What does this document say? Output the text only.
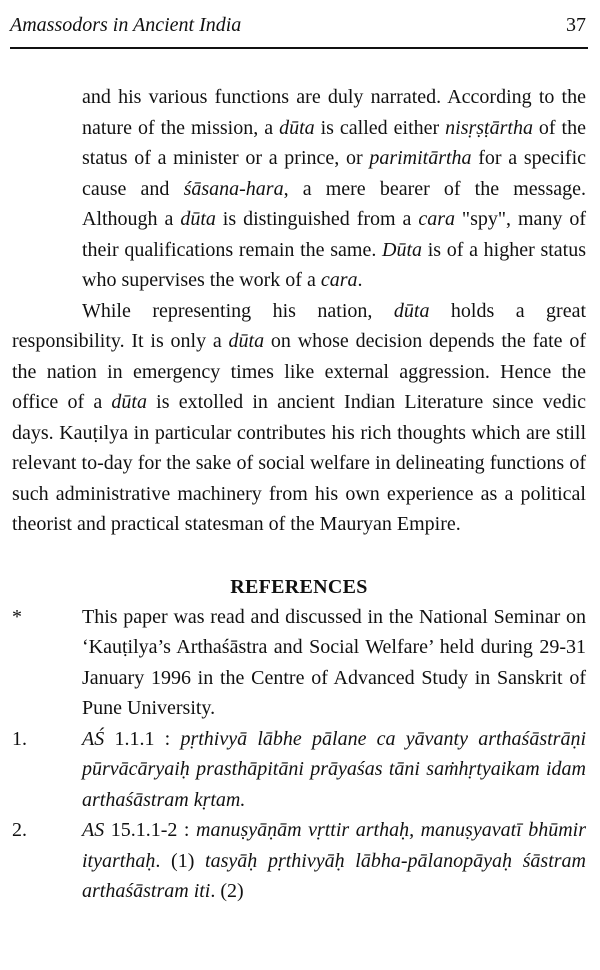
Amassodors in Ancient India	37

and his various functions are duly narrated. According to the nature of the mission, a dūta is called either nisṛṣṭārtha of the status of a minister or a prince, or parimitārtha for a specific cause and śāsana-hara, a mere bearer of the message. Although a dūta is distinguished from a cara "spy", many of their qualifications remain the same. Dūta is of a higher status who supervises the work of a cara.

While representing his nation, dūta holds a great responsibility. It is only a dūta on whose decision depends the fate of the nation in emergency times like external aggression. Hence the office of a dūta is extolled in ancient Indian Literature since vedic days. Kauṭilya in particular contributes his rich thoughts which are still relevant to-day for the sake of social welfare in delineating functions of such administrative machinery from his own experience as a political theorist and practical statesman of the Mauryan Empire.

REFERENCES
*	This paper was read and discussed in the National Seminar on ‘Kauṭilya’s Arthaśāstra and Social Welfare’ held during 29-31 January 1996 in the Centre of Advanced Study in Sanskrit of Pune University.
1.	AŚ 1.1.1 : pṛthivyā lābhe pālane ca yāvanty arthaśāstrāṇi pūrvācāryaiḥ prasthāpitāni prāyaśas tāni saṁhṛtyaikam idam arthaśāstram kṛtam.
2.	AS 15.1.1-2 : manuṣyāṇām vṛttir arthaḥ, manuṣyavatī bhūmir ityarthaḥ. (1) tasyāḥ pṛthivyāḥ lābha-pālanopāyaḥ śāstram arthaśāstram iti. (2)
